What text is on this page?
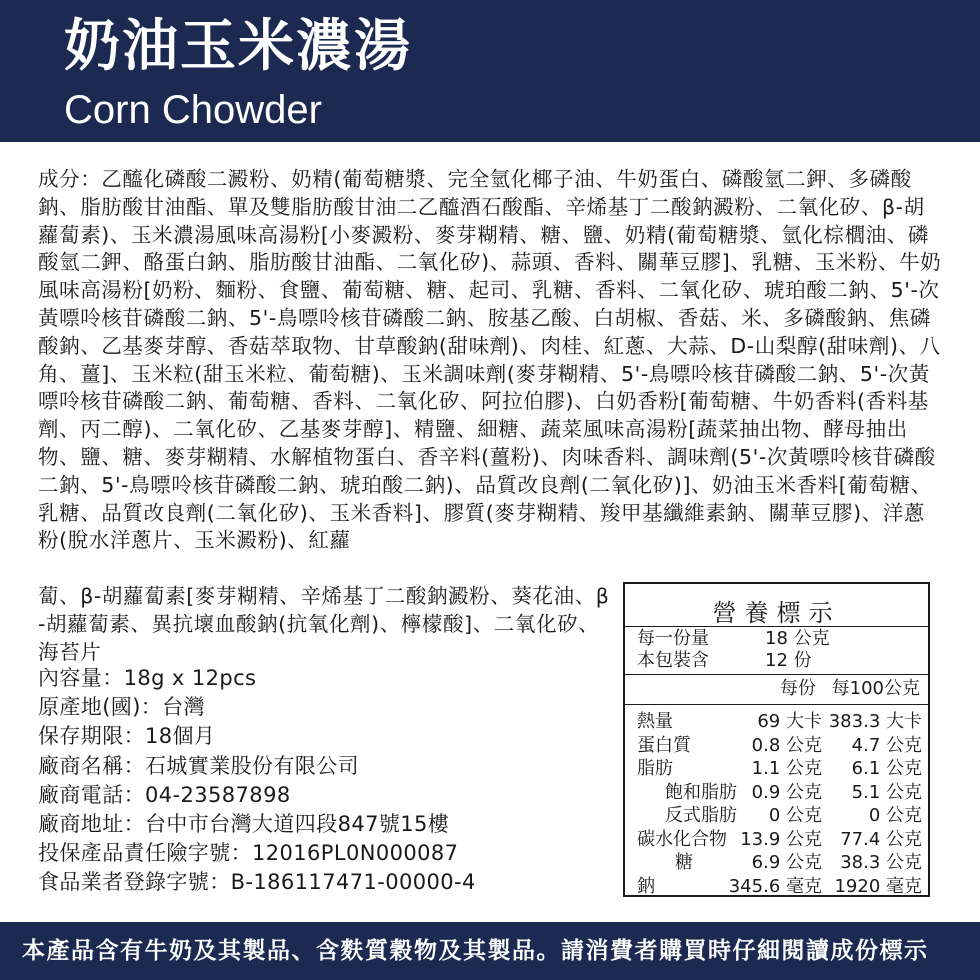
奶油玉米濃湯
Corn Chowder
成分：乙醯化磷酸二澱粉、奶精(葡萄糖漿、完全氫化椰子油、牛奶蛋白、磷酸氫二鉀、多磷酸鈉、脂肪酸甘油酯、單及雙脂肪酸甘油二乙醯酒石酸酯、辛烯基丁二酸鈉澱粉、二氧化矽、β-胡蘿蔔素)、玉米濃湯風味高湯粉[小麥澱粉、麥芽糊精、糖、鹽、奶精(葡萄糖漿、氫化棕櫚油、磷酸氫二鉀、酪蛋白鈉、脂肪酸甘油酯、二氧化矽)、蒜頭、香料、關華豆膠]、乳糖、玉米粉、牛奶風味高湯粉[奶粉、麵粉、食鹽、葡萄糖、糖、起司、乳糖、香料、二氧化矽、琥珀酸二鈉、5'-次黃嘌呤核苷磷酸二鈉、5'-鳥嘌呤核苷磷酸二鈉、胺基乙酸、白胡椒、香菇、米、多磷酸鈉、焦磷酸鈉、乙基麥芽醇、香菇萃取物、甘草酸鈉(甜味劑)、肉桂、紅蔥、大蒜、D-山梨醇(甜味劑)、八角、薑]、玉米粒(甜玉米粒、葡萄糖)、玉米調味劑(麥芽糊精、5'-鳥嘌呤核苷磷酸二鈉、5'-次黃嘌呤核苷磷酸二鈉、葡萄糖、香料、二氧化矽、阿拉伯膠)、白奶香粉[葡萄糖、牛奶香料(香料基劑、丙二醇)、二氧化矽、乙基麥芽醇]、精鹽、細糖、蔬菜風味高湯粉[蔬菜抽出物、酵母抽出物、鹽、糖、麥芽糊精、水解植物蛋白、香辛料(薑粉)、肉味香料、調味劑(5'-次黃嘌呤核苷磷酸二鈉、5'-鳥嘌呤核苷磷酸二鈉、琥珀酸二鈉)、品質改良劑(二氧化矽)]、奶油玉米香料[葡萄糖、乳糖、品質改良劑(二氧化矽)、玉米香料]、膠質(麥芽糊精、羧甲基纖維素鈉、關華豆膠)、洋蔥粉(脫水洋蔥片、玉米澱粉)、紅蘿
蔔、β-胡蘿蔔素[麥芽糊精、辛烯基丁二酸鈉澱粉、葵花油、β-胡蘿蔔素、異抗壞血酸鈉(抗氧化劑)、檸檬酸]、二氧化矽、海苔片
內容量：18g x 12pcs
原產地(國)：台灣
保存期限：18個月
廠商名稱：石城實業股份有限公司
廠商電話：04-23587898
廠商地址：台中市台灣大道四段847號15樓
投保產品責任險字號：12016PL0N000087
食品業者登錄字號：B-186117471-00000-4
營養標示
每一份量	18 公克
本包裝含	12 份
每份 每100公克
熱量	69 大卡 383.3 大卡
蛋白質	0.8 公克 4.7 公克
脂肪	1.1 公克 6.1 公克
飽和脂肪 0.9 公克 5.1 公克
反式脂肪 0 公克	0 公克
碳水化合物 13.9 公克 77.4 公克
糖	6.9 公克 38.3 公克
鈉	345.6 毫克 1920 毫克
本產品含有牛奶及其製品、含麩質穀物及其製品。請消費者購買時仔細閱讀成份標示
